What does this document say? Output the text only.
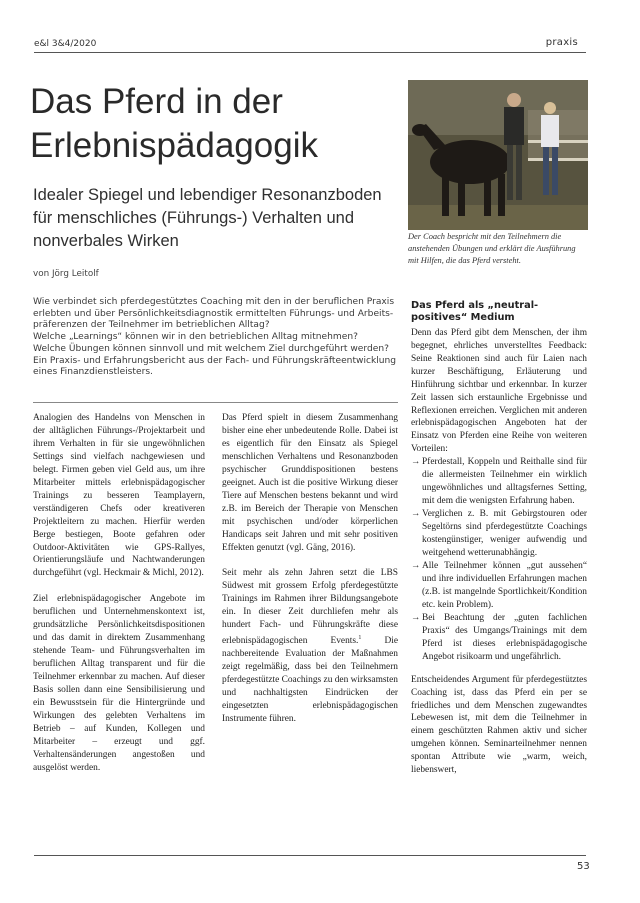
e&l 3&4/2020	praxis
Das Pferd in der
Erlebnispädagogik
Idealer Spiegel und lebendiger Resonanzboden für menschliches (Führungs-) Verhalten und nonverbales Wirken
von Jörg Leitolf
Der Coach bespricht mit den Teilnehmern die anstehenden Übungen und erklärt die Ausführung mit Hilfen, die das Pferd versteht.
Wie verbindet sich pferdegestütztes Coaching mit den in der beruflichen Praxis
erlebten und über Persönlichkeitsdiagnostik ermittelten Führungs- und Arbeits-
präferenzen der Teilnehmer im betrieblichen Alltag?
Welche „Learnings“ können wir in den betrieblichen Alltag mitnehmen?
Welche Übungen können sinnvoll und mit welchem Ziel durchgeführt werden?
Ein Praxis- und Erfahrungsbericht aus der Fach- und Führungskräfteentwicklung
eines Finanzdienstleisters.

Analogien des Handelns von Menschen in der alltäglichen Führungs-/Projektarbeit und ihrem Verhalten in für sie ungewöhnlichen Settings sind vielfach nachgewiesen und belegt. Firmen geben viel Geld aus, um ihre Mitarbeiter mittels erlebnispädagogischer Trainings zu besseren Teamplayern, verständigeren Chefs oder kreativeren Projektleitern zu machen. Hierfür werden Berge bestiegen, Boote gefahren oder Outdoor-Aktivitäten wie GPS-Rallyes, Orientierungsläufe und Nachtwanderungen durchgeführt (vgl. Heckmair & Michl, 2012).

Ziel erlebnispädagogischer Angebote im beruflichen und Unternehmenskontext ist, grundsätzliche Persönlichkeitsdispositionen und das damit in direktem Zusammenhang stehende Team- und Führungsverhalten im beruflichen Alltag transparent und für die Teilnehmer erkennbar zu machen. Auf dieser Basis sollen dann eine Sensibilisierung und ein Bewusstsein für die Hintergründe und Wirkungen des gelebten Verhaltens im Betrieb – auf Kunden, Kollegen und Mitarbeiter – erzeugt und ggf. Verhaltensänderungen angestoßen und ausgelöst werden.

Das Pferd spielt in diesem Zusammenhang bisher eine eher unbedeutende Rolle. Dabei ist es eigentlich für den Einsatz als Spiegel menschlichen Verhaltens und Resonanzboden psychischer Grunddispositionen bestens geeignet. Auch ist die positive Wirkung dieser Tiere auf Menschen bestens bekannt und wird z.B. im Bereich der Therapie von Menschen mit psychischen und/oder körperlichen Handicaps seit Jahren und mit sehr positiven Effekten genutzt (vgl. Gäng, 2016).

Seit mehr als zehn Jahren setzt die LBS Südwest mit grossem Erfolg pferdegestützte Trainings im Rahmen ihrer Bildungsangebote ein. In dieser Zeit durchliefen mehr als hundert Fach- und Führungskräfte diese erlebnispädagogischen Events.$^1$ Die nachbereitende Evaluation der Maßnahmen zeigt regelmäßig, dass bei den Teilnehmern pferdegestützte Coachings zu den wirksamsten und nachhaltigsten Eindrücken der eingesetzten erlebnispädagogischen Instrumente führen.

Das Pferd als „neutral-positives“ Medium

Denn das Pferd gibt dem Menschen, der ihm begegnet, ehrliches unverstelltes Feedback: Seine Reaktionen sind auch für Laien nach kurzer Beschäftigung, Erläuterung und Hinführung sichtbar und erkennbar. In kurzer Zeit lassen sich erstaunliche Ergebnisse und Reflexionen erreichen. Verglichen mit anderen erlebnispädagogischen Angeboten hat der Einsatz von Pferden eine Reihe von weiteren Vorteilen:

→ Pferdestall, Koppeln und Reithalle sind für die allermeisten Teilnehmer ein wirklich ungewöhnliches und alltagsfernes Setting, mit dem die wenigsten Erfahrung haben.

→ Verglichen z. B. mit Gebirgstouren oder Segeltörns sind pferdegestützte Coachings kostengünstiger, weniger aufwendig und weitgehend wetterunabhängig.

→ Alle Teilnehmer können „gut aussehen“ und ihre individuellen Erfahrungen machen (z.B. ist mangelnde Sportlichkeit/Kondition etc. kein Problem).

→ Bei Beachtung der „guten fachlichen Praxis“ des Umgangs/Trainings mit dem Pferd ist dieses erlebnispädagogische Angebot risikoarm und ungefährlich.

Entscheidendes Argument für pferdegestütztes Coaching ist, dass das Pferd ein per se friedliches und dem Menschen zugewandtes Lebewesen ist, mit dem die Teilnehmer in einem geschützten Rahmen aktiv und sicher umgehen können. Seminarteilnehmer nennen spontan Attribute wie „warm, weich, liebenswert,

53
